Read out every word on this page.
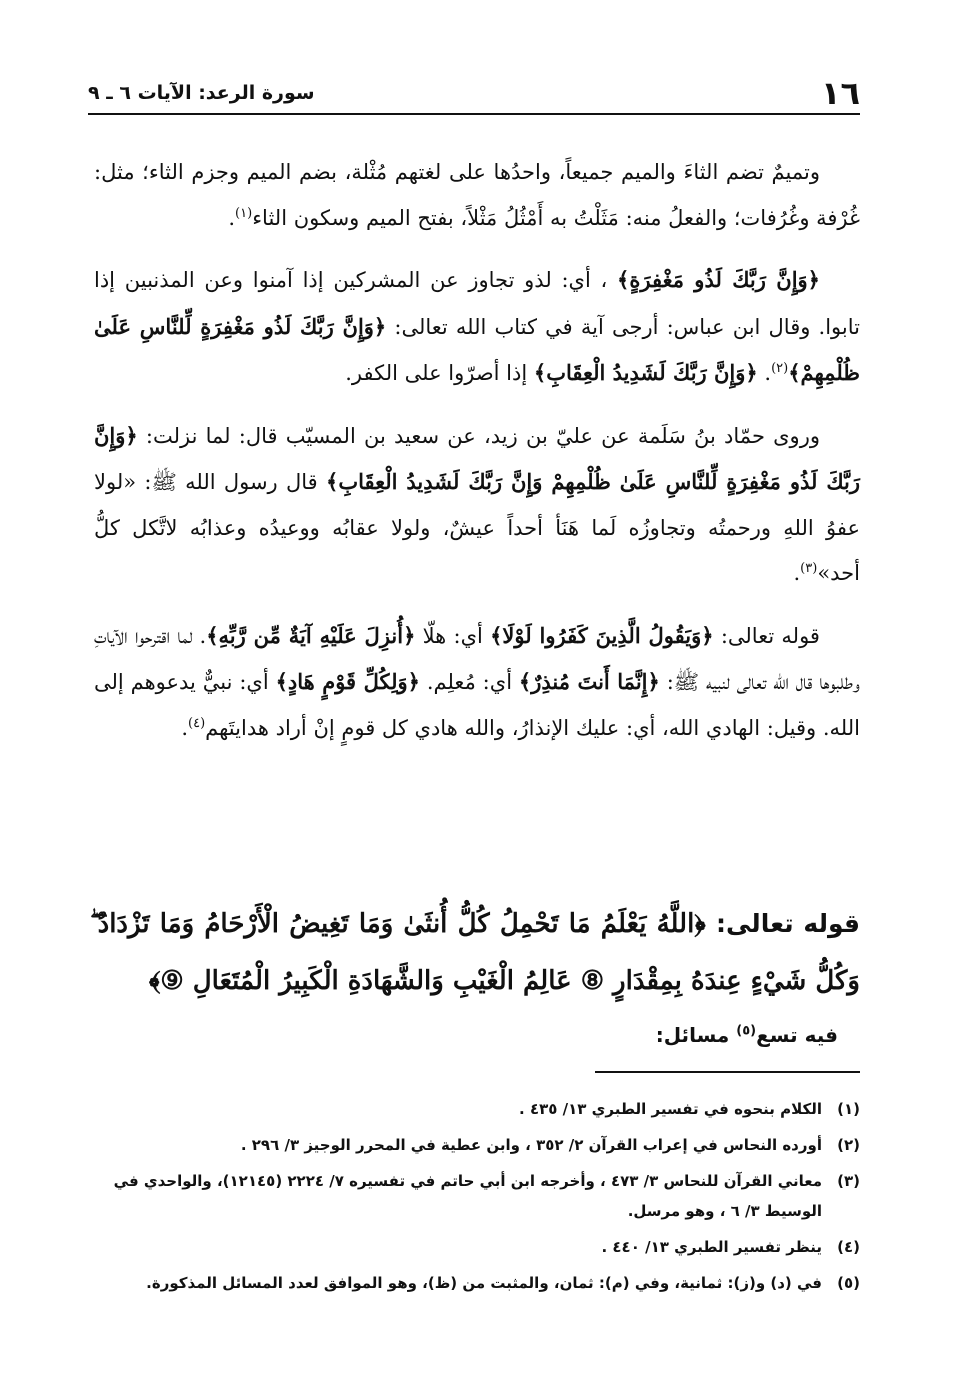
١٦
سورة الرعد: الآيات ٦ ـ ٩

وتميمٌ تضم الثاءَ والميم جميعاً، واحدُها على لغتهم مُثْلة، بضم الميم وجزم الثاء؛ مثل: غُرْفة وغُرُفات؛ والفعلُ منه: مَثَلْتُ به أَمْثُلُ مَثْلاً، بفتح الميم وسكون الثاء$^{(١)}$.

﴿وَإِنَّ رَبَّكَ لَذُو مَغْفِرَةٍ﴾ ، أي: لذو تجاوز عن المشركين إذا آمنوا وعن المذنبين إذا تابوا. وقال ابن عباس: أرجى آية في كتاب الله تعالى: ﴿وَإِنَّ رَبَّكَ لَذُو مَغْفِرَةٍ لِّلنَّاسِ عَلَىٰ ظُلْمِهِمْ﴾$^{(٢)}$. ﴿وَإِنَّ رَبَّكَ لَشَدِيدُ الْعِقَابِ﴾ إذا أصرّوا على الكفر.

وروى حمّاد بنُ سَلَمة عن عليّ بن زيد، عن سعيد بن المسيّب قال: لما نزلت: ﴿وَإِنَّ رَبَّكَ لَذُو مَغْفِرَةٍ لِّلنَّاسِ عَلَىٰ ظُلْمِهِمْ وَإِنَّ رَبَّكَ لَشَدِيدُ الْعِقَابِ﴾ قال رسول الله ﷺ: «لولا عفوُ اللهِ ورحمتُه وتجاوزُه لَما هَنَأ أحداً عيشٌ، ولولا عقابُه ووعيدُه وعذابُه لاتَّكل كلُّ أحد»$^{(٣)}$.

قوله تعالى: ﴿وَيَقُولُ الَّذِينَ كَفَرُوا لَوْلَا﴾ أي: هلّا ﴿أُنزِلَ عَلَيْهِ آيَةٌ مِّن رَّبِّهِ﴾. لما اقترحوا الآياتِ وطلبوها قال الله تعالى لنبيه ﷺ: ﴿إِنَّمَا أَنتَ مُنذِرٌ﴾ أي: مُعلِم. ﴿وَلِكُلِّ قَوْمٍ هَادٍ﴾ أي: نبيٌّ يدعوهم إلى الله. وقيل: الهادي الله، أي: عليك الإنذارُ، والله هادي كل قومٍ إنْ أراد هدايتَهم$^{(٤)}$.

قوله تعالى: ﴿اللَّهُ يَعْلَمُ مَا تَحْمِلُ كُلُّ أُنثَىٰ وَمَا تَغِيضُ الْأَرْحَامُ وَمَا تَزْدَادُ ۖ وَكُلُّ شَيْءٍ عِندَهُ بِمِقْدَارٍ ⑧ عَالِمُ الْغَيْبِ وَالشَّهَادَةِ الْكَبِيرُ الْمُتَعَالِ ⑨﴾
فيه تسع$^{(٥)}$ مسائل:
(١)
الكلام بنحوه في تفسير الطبري ١٣/ ٤٣٥ .
(٢)
أورده النحاس في إعراب القرآن ٢/ ٣٥٢ ، وابن عطية في المحرر الوجيز ٣/ ٢٩٦ .
(٣)
معاني القرآن للنحاس ٣/ ٤٧٣ ، وأخرجه ابن أبي حاتم في تفسيره ٧/ ٢٢٢٤ (١٢١٤٥)، والواحدي في الوسيط ٣/ ٦ ، وهو مرسل.
(٤)
ينظر تفسير الطبري ١٣/ ٤٤٠ .
(٥)
في (د) و(ز): ثمانية، وفي (م): ثمان، والمثبت من (ظ)، وهو الموافق لعدد المسائل المذكورة.
